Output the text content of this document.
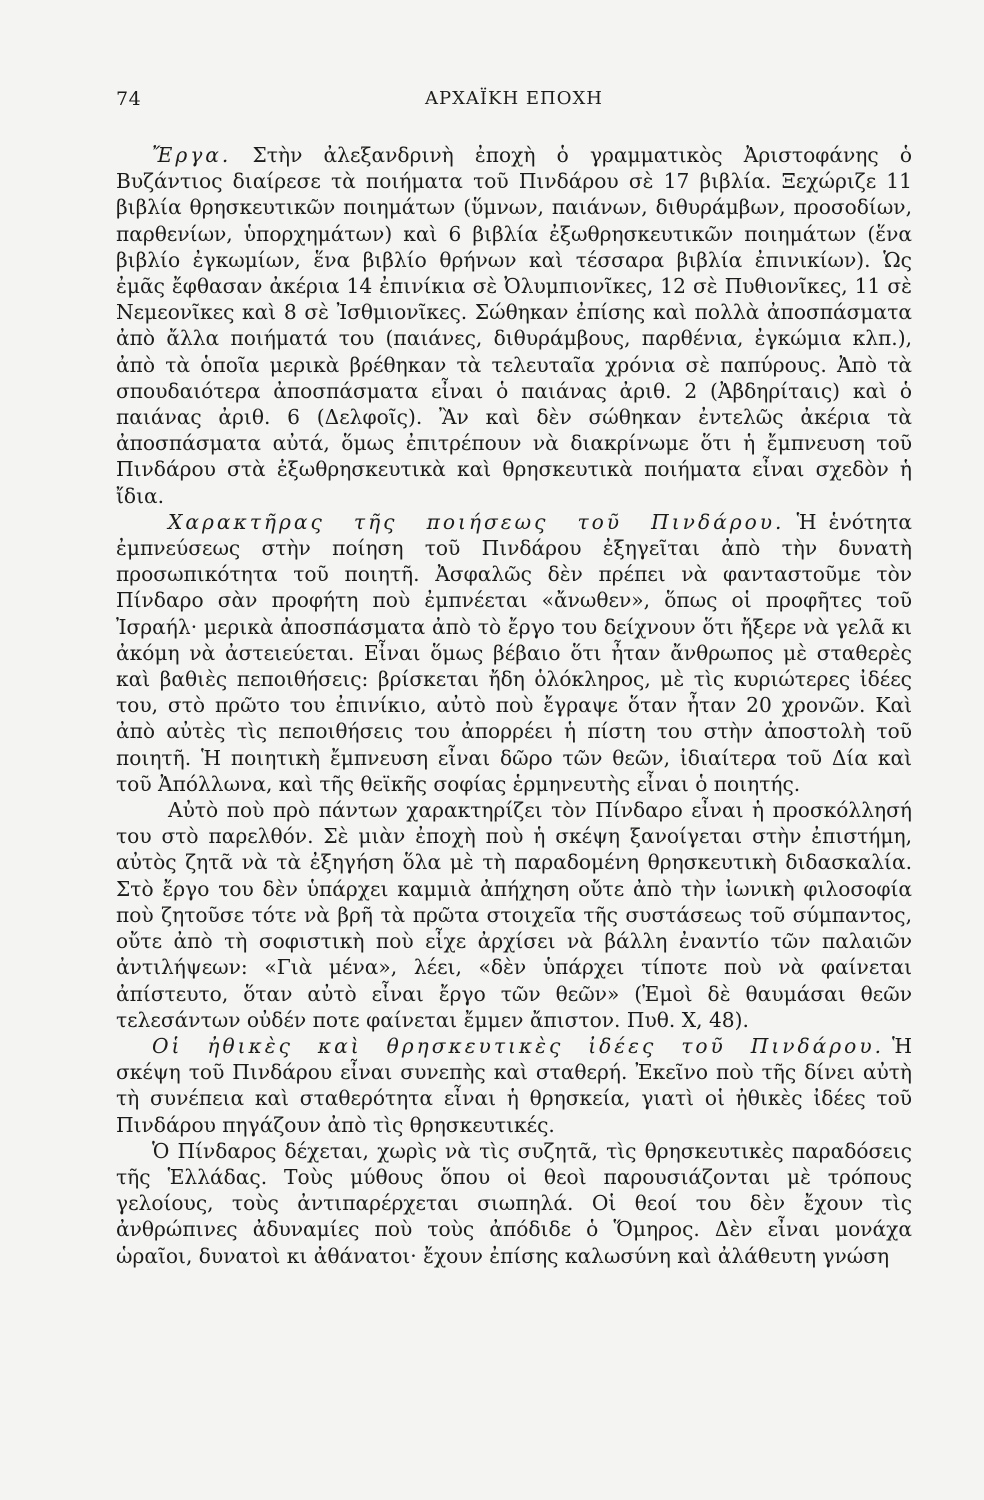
74	ΑΡΧΑΪΚΗ ΕΠΟΧΗ

Ἔργα. Στὴν ἀλεξανδρινὴ ἐποχὴ ὁ γραμματικὸς Ἀριστοφάνης ὁ Βυζάντιος διαίρεσε τὰ ποιήματα τοῦ Πινδάρου σὲ 17 βιβλία. Ξεχώριζε 11 βιβλία θρησκευτικῶν ποιημάτων (ὕμνων, παιάνων, διθυράμβων, προσοδίων, παρθενίων, ὑπορχημάτων) καὶ 6 βιβλία ἐξωθρησκευτικῶν ποιημάτων (ἕνα βιβλίο ἐγκωμίων, ἕνα βιβλίο θρήνων καὶ τέσσαρα βιβλία ἐπινικίων). Ὡς ἐμᾶς ἔφθασαν ἀκέρια 14 ἐπινίκια σὲ Ὀλυμπιονῖκες, 12 σὲ Πυθιονῖκες, 11 σὲ Νεμεονῖκες καὶ 8 σὲ Ἰσθμιονῖκες. Σώθηκαν ἐπίσης καὶ πολλὰ ἀποσπάσματα ἀπὸ ἄλλα ποιήματά του (παιάνες, διθυράμβους, παρθένια, ἐγκώμια κλπ.), ἀπὸ τὰ ὁποῖα μερικὰ βρέθηκαν τὰ τελευταῖα χρόνια σὲ παπύρους. Ἀπὸ τὰ σπουδαιότερα ἀποσπάσματα εἶναι ὁ παιάνας ἀριθ. 2 (Ἀβδηρίταις) καὶ ὁ παιάνας ἀριθ. 6 (Δελφοῖς). Ἂν καὶ δὲν σώθηκαν ἐντελῶς ἀκέρια τὰ ἀποσπάσματα αὐτά, ὅμως ἐπιτρέπουν νὰ διακρίνωμε ὅτι ἡ ἔμπνευση τοῦ Πινδάρου στὰ ἐξωθρησκευτικὰ καὶ θρησκευτικὰ ποιήματα εἶναι σχεδὸν ἡ ἴδια.

Χαρακτῆρας τῆς ποιήσεως τοῦ Πινδάρου. Ἡ ἑνότητα ἐμπνεύσεως στὴν ποίηση τοῦ Πινδάρου ἐξηγεῖται ἀπὸ τὴν δυνατὴ προσωπικότητα τοῦ ποιητῆ. Ἀσφαλῶς δὲν πρέπει νὰ φανταστοῦμε τὸν Πίνδαρο σὰν προφήτη ποὺ ἐμπνέεται «ἄνωθεν», ὅπως οἱ προφῆτες τοῦ Ἰσραήλ· μερικὰ ἀποσπάσματα ἀπὸ τὸ ἔργο του δείχνουν ὅτι ἤξερε νὰ γελᾶ κι ἀκόμη νὰ ἀστειεύεται. Εἶναι ὅμως βέβαιο ὅτι ἦταν ἄνθρωπος μὲ σταθερὲς καὶ βαθιὲς πεποιθήσεις: βρίσκεται ἤδη ὁλόκληρος, μὲ τὶς κυριώτερες ἰδέες του, στὸ πρῶτο του ἐπινίκιο, αὐτὸ ποὺ ἔγραψε ὅταν ἦταν 20 χρονῶν. Καὶ ἀπὸ αὐτὲς τὶς πεποιθήσεις του ἀπορρέει ἡ πίστη του στὴν ἀποστολὴ τοῦ ποιητῆ. Ἡ ποιητικὴ ἔμπνευση εἶναι δῶρο τῶν θεῶν, ἰδιαίτερα τοῦ Δία καὶ τοῦ Ἀπόλλωνα, καὶ τῆς θεϊκῆς σοφίας ἑρμηνευτὴς εἶναι ὁ ποιητής.

Αὐτὸ ποὺ πρὸ πάντων χαρακτηρίζει τὸν Πίνδαρο εἶναι ἡ προσκόλλησή του στὸ παρελθόν. Σὲ μιὰν ἐποχὴ ποὺ ἡ σκέψη ξανοίγεται στὴν ἐπιστήμη, αὐτὸς ζητᾶ νὰ τὰ ἐξηγήση ὅλα μὲ τὴ παραδομένη θρησκευτικὴ διδασκαλία. Στὸ ἔργο του δὲν ὑπάρχει καμμιὰ ἀπήχηση οὔτε ἀπὸ τὴν ἰωνικὴ φιλοσοφία ποὺ ζητοῦσε τότε νὰ βρῆ τὰ πρῶτα στοιχεῖα τῆς συστάσεως τοῦ σύμπαντος, οὔτε ἀπὸ τὴ σοφιστικὴ ποὺ εἶχε ἀρχίσει νὰ βάλλη ἐναντίο τῶν παλαιῶν ἀντιλήψεων: «Γιὰ μένα», λέει, «δὲν ὑπάρχει τίποτε ποὺ νὰ φαίνεται ἀπίστευτο, ὅταν αὐτὸ εἶναι ἔργο τῶν θεῶν» (Ἐμοὶ δὲ θαυμάσαι θεῶν τελεσάντων οὐδέν ποτε φαίνεται ἔμμεν ἄπιστον. Πυθ. Χ, 48).

Οἱ ἠθικὲς καὶ θρησκευτικὲς ἰδέες τοῦ Πινδάρου. Ἡ σκέψη τοῦ Πινδάρου εἶναι συνεπὴς καὶ σταθερή. Ἐκεῖνο ποὺ τῆς δίνει αὐτὴ τὴ συνέπεια καὶ σταθερότητα εἶναι ἡ θρησκεία, γιατὶ οἱ ἠθικὲς ἰδέες τοῦ Πινδάρου πηγάζουν ἀπὸ τὶς θρησκευτικές.

Ὁ Πίνδαρος δέχεται, χωρὶς νὰ τὶς συζητᾶ, τὶς θρησκευτικὲς παραδόσεις τῆς Ἑλλάδας. Τοὺς μύθους ὅπου οἱ θεοὶ παρουσιάζονται μὲ τρόπους γελοίους, τοὺς ἀντιπαρέρχεται σιωπηλά. Οἱ θεοί του δὲν ἔχουν τὶς ἀνθρώπινες ἀδυναμίες ποὺ τοὺς ἀπόδιδε ὁ Ὅμηρος. Δὲν εἶναι μονάχα ὡραῖοι, δυνατοὶ κι ἀθάνατοι· ἔχουν ἐπίσης καλωσύνη καὶ ἀλάθευτη γνώση
